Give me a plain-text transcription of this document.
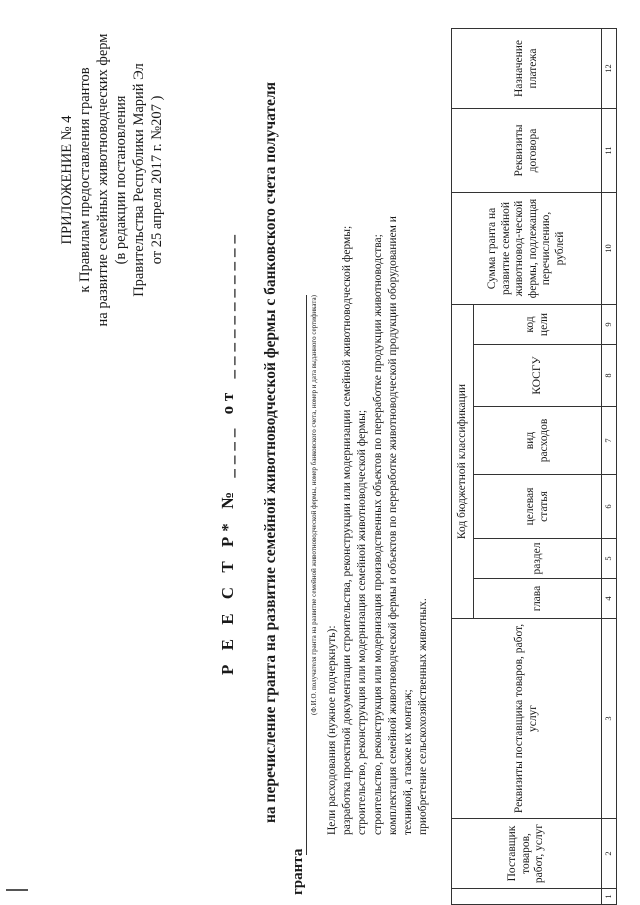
ПРИЛОЖЕНИЕ № 4 к Правилам предоставления грантов на развитие семейных животноводческих ферм (в редакции постановления Правительства Республики Марий Эл от 25 апреля 2017 г. №207 )
Р Е Е С Т Р* № ____ от ___________ на перечисление гранта на развитие семейной животноводческой фермы с банковского счета получателя
гранта
(Ф.И.О. получателя гранта на развитие семейной животноводческой фермы, номер банковского счета, номер и дата выданного сертификата)
Цели расходования (нужное подчеркнуть): разработка проектной документации строительства, реконструкции или модернизации семейной животноводческой фермы; строительство, реконструкция или модернизация семейной животноводческой фермы; строительство, реконструкция или модернизация производственных объектов по переработке продукции животноводства; комплектация семейной животноводческой фермы и объектов по переработке животноводческой продукции оборудованием и техникой, а также их монтаж; приобретение сельскохозяйственных животных.
	Поставщик товаров, работ, услуг	Реквизиты поставщика товаров, работ, услуг	Код бюджетной классификации						Сумма гранта на развитие семейной животновод-ческой фермы, подлежащая перечислению, рублей	Реквизиты договора	Назначение платежа
			глава	раздел	целевая статья	вид расходов	КОСГУ	код цели			
1	2	3	4	5	6	7	8	9	10	11	12
